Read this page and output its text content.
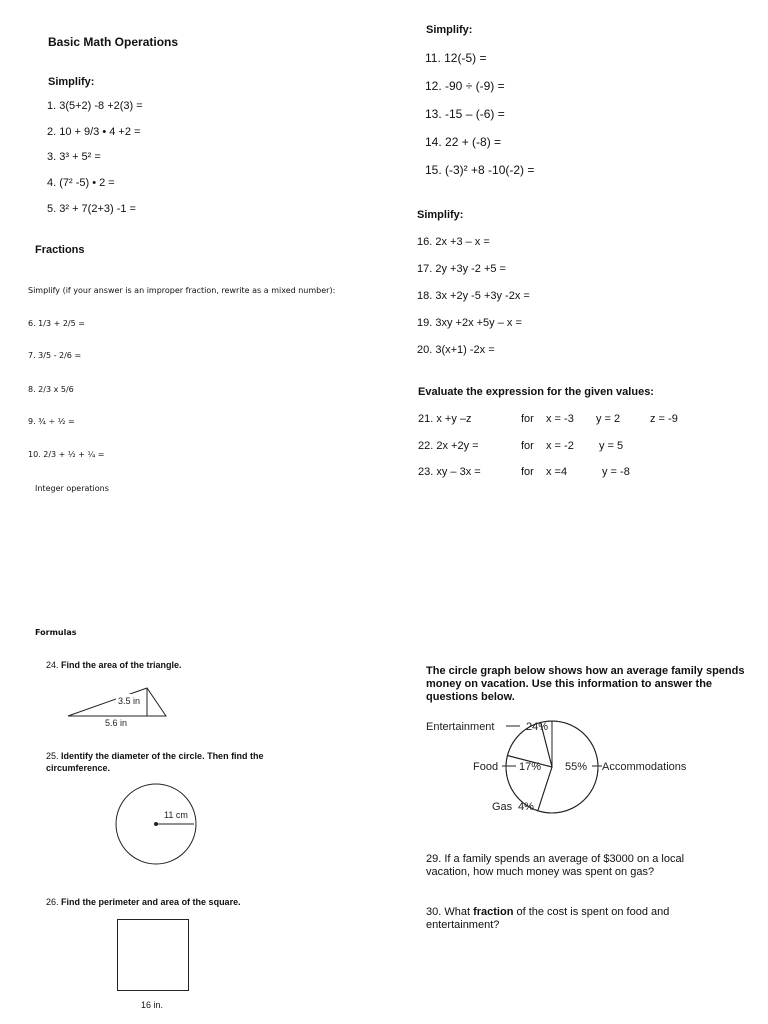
Basic Math Operations
Simplify:
1. 3(5+2) -8 +2(3) =
2. 10 + 9/3 • 4 +2 =
3. 3³ + 5² =
4. (7² -5) • 2 =
5. 3² + 7(2+3) -1 =
Fractions
Simplify (if your answer is an improper fraction, rewrite as a mixed number):
6. 1/3 + 2/5 =
7. 3/5 - 2/6 =
8. 2/3 x 5/6
9. ¾ ÷ ½ =
10. 2/3 + ½ + ¼ =
Integer operations
Simplify:
11. 12(-5) =
12. -90 ÷ (-9) =
13. -15 – (-6) =
14. 22 + (-8) =
15. (-3)² +8 -10(-2) =
Simplify:
16. 2x +3 – x =
17. 2y +3y -2 +5 =
18. 3x +2y -5 +3y -2x =
19. 3xy +2x +5y – x =
20. 3(x+1) -2x =
Evaluate the expression for the given values:
21. x +y –z	for x = -3 y = 2	z = -9
22. 2x +2y =	for x = -2 y = 5
23. xy – 3x =	for x =4	y = -8
Formulas
24. Find the area of the triangle.
3.5 in
5.6 in
25. Identify the diameter of the circle. Then find the circumference.
11 cm
26. Find the perimeter and area of the square.
16 in.
The circle graph below shows how an average family spends money on vacation. Use this information to answer the questions below.
Entertainment	24%
Food 17% 55% Accommodations
Gas 4%
29. If a family spends an average of $3000 on a local vacation, how much money was spent on gas?
30. What fraction of the cost is spent on food and entertainment?
